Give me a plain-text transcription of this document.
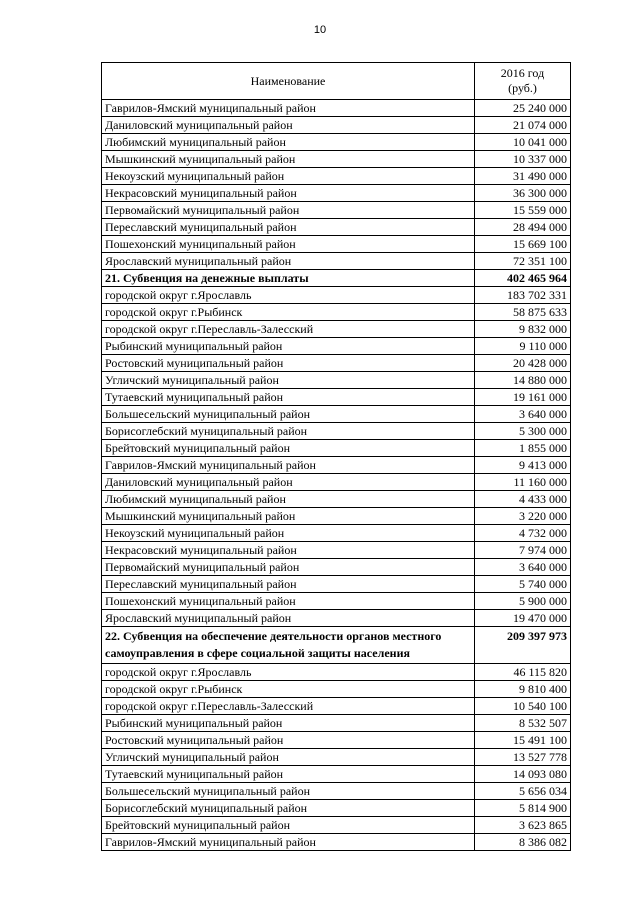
10
Наименование	2016 год
(руб.)
Гаврилов-Ямский муниципальный район	25 240 000
Даниловский муниципальный район	21 074 000
Любимский муниципальный район	10 041 000
Мышкинский муниципальный район	10 337 000
Некоузский муниципальный район	31 490 000
Некрасовский муниципальный район	36 300 000
Первомайский муниципальный район	15 559 000
Переславский муниципальный район	28 494 000
Пошехонский муниципальный район	15 669 100
Ярославский муниципальный район	72 351 100
21. Субвенция на денежные выплаты	402 465 964
городской округ г.Ярославль	183 702 331
городской округ г.Рыбинск	58 875 633
городской округ г.Переславль-Залесский	9 832 000
Рыбинский муниципальный район	9 110 000
Ростовский муниципальный район	20 428 000
Угличский муниципальный район	14 880 000
Тутаевский муниципальный район	19 161 000
Большесельский муниципальный район	3 640 000
Борисоглебский муниципальный район	5 300 000
Брейтовский муниципальный район	1 855 000
Гаврилов-Ямский муниципальный район	9 413 000
Даниловский муниципальный район	11 160 000
Любимский муниципальный район	4 433 000
Мышкинский муниципальный район	3 220 000
Некоузский муниципальный район	4 732 000
Некрасовский муниципальный район	7 974 000
Первомайский муниципальный район	3 640 000
Переславский муниципальный район	5 740 000
Пошехонский муниципальный район	5 900 000
Ярославский муниципальный район	19 470 000
22. Субвенция на обеспечение деятельности органов местного самоуправления в сфере социальной защиты населения	209 397 973
городской округ г.Ярославль	46 115 820
городской округ г.Рыбинск	9 810 400
городской округ г.Переславль-Залесский	10 540 100
Рыбинский муниципальный район	8 532 507
Ростовский муниципальный район	15 491 100
Угличский муниципальный район	13 527 778
Тутаевский муниципальный район	14 093 080
Большесельский муниципальный район	5 656 034
Борисоглебский муниципальный район	5 814 900
Брейтовский муниципальный район	3 623 865
Гаврилов-Ямский муниципальный район	8 386 082
